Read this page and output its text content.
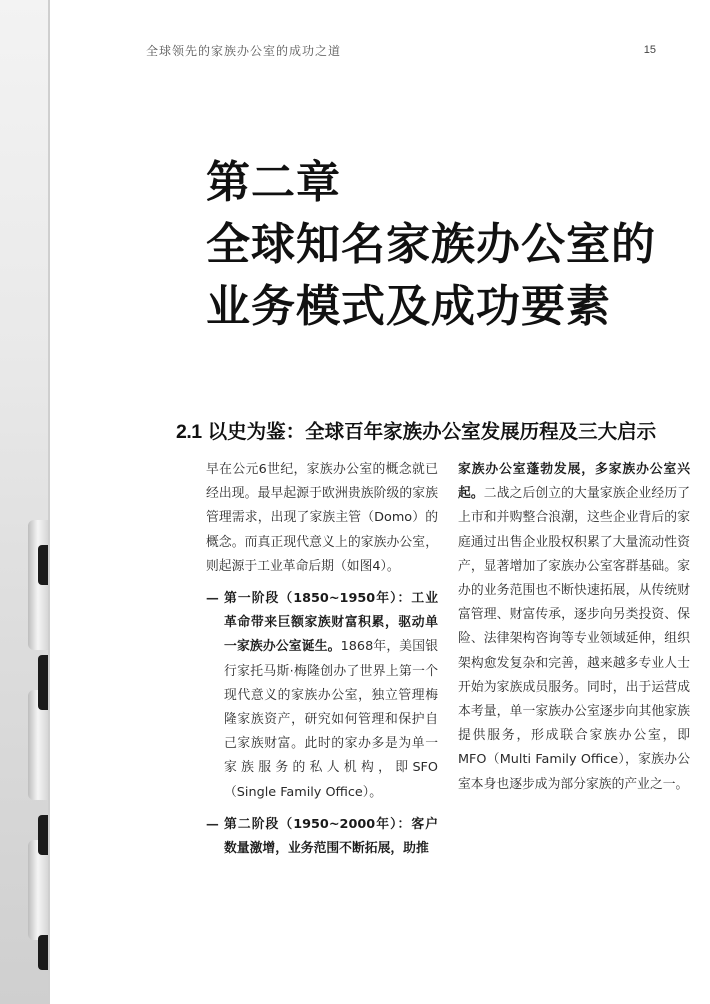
全球领先的家族办公室的成功之道	15
第二章
全球知名家族办公室的
业务模式及成功要素
2.1 以史为鉴：全球百年家族办公室发展历程及三大启示

早在公元6世纪，家族办公室的概念就已经出现。最早起源于欧洲贵族阶级的家族管理需求，出现了家族主管（Domo）的概念。而真正现代意义上的家族办公室，则起源于工业革命后期（如图4）。

— 第一阶段（1850~1950年）：工业革命带来巨额家族财富积累，驱动单一家族办公室诞生。1868年，美国银行家托马斯·梅隆创办了世界上第一个现代意义的家族办公室，独立管理梅隆家族资产，研究如何管理和保护自己家族财富。此时的家办多是为单一家族服务的私人机构，即SFO（Single Family Office）。
— 第二阶段（1950~2000年）：客户数量激增，业务范围不断拓展，助推

家族办公室蓬勃发展，多家族办公室兴起。二战之后创立的大量家族企业经历了上市和并购整合浪潮，这些企业背后的家庭通过出售企业股权积累了大量流动性资产，显著增加了家族办公室客群基础。家办的业务范围也不断快速拓展，从传统财富管理、财富传承，逐步向另类投资、保险、法律架构咨询等专业领域延伸，组织架构愈发复杂和完善，越来越多专业人士开始为家族成员服务。同时，出于运营成本考量，单一家族办公室逐步向其他家族提供服务，形成联合家族办公室，即MFO（Multi Family Office），家族办公室本身也逐步成为部分家族的产业之一。
